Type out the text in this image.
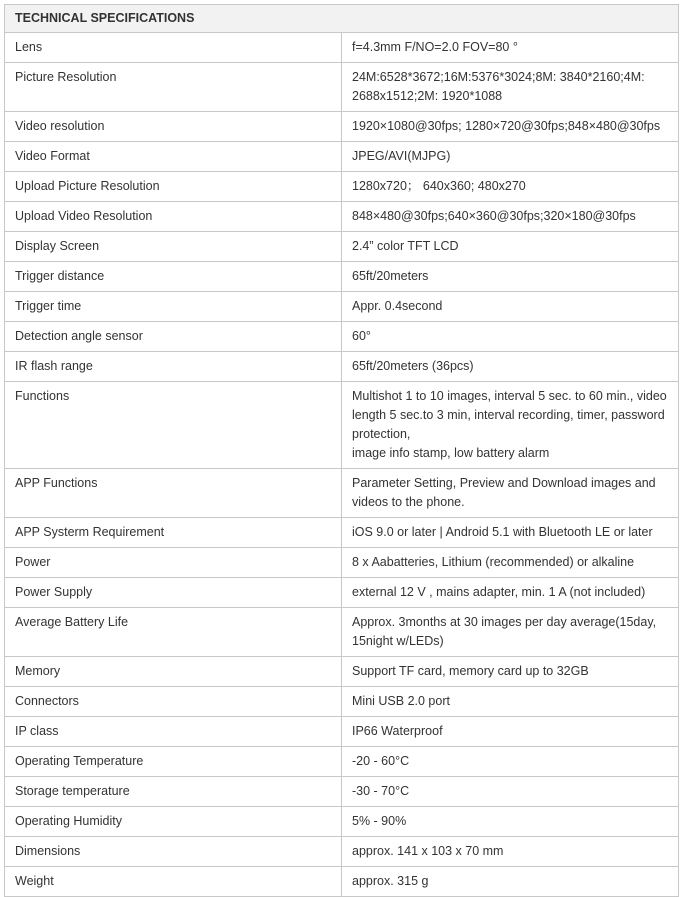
TECHNICAL SPECIFICATIONS	
Lens	f=4.3mm F/NO=2.0 FOV=80 °

Picture Resolution	24M:6528*3672;16M:5376*3024;8M: 3840*2160;4M: 2688x1512;2M: 1920*1088

Video resolution	1920×1080@30fps; 1280×720@30fps;848×480@30fps

Video Format	JPEG/AVI(MJPG)

Upload Picture Resolution	1280x720； 640x360; 480x270

Upload Video Resolution	848×480@30fps;640×360@30fps;320×180@30fps

Display Screen	2.4” color TFT LCD

Trigger distance	65ft/20meters

Trigger time	Appr. 0.4second

Detection angle sensor	60°

IR flash range	65ft/20meters (36pcs)

Functions	Multishot 1 to 10 images, interval 5 sec. to 60 min., video length 5 sec.to 3 min, interval recording, timer, password protection,
image info stamp, low battery alarm

APP Functions	Parameter Setting, Preview and Download images and videos to the phone.

APP Systerm Requirement	iOS 9.0 or later | Android 5.1 with Bluetooth LE or later

Power	8 x Aabatteries, Lithium (recommended) or alkaline

Power Supply	external 12 V , mains adapter, min. 1 A (not included)

Average Battery Life	Approx. 3months at 30 images per day average(15day, 15night w/LEDs)

Memory	Support TF card, memory card up to 32GB

Connectors	Mini USB 2.0 port

IP class	IP66 Waterproof

Operating Temperature	-20 - 60°C

Storage temperature	-30 - 70°C

Operating Humidity	5% - 90%

Dimensions	approx. 141 x 103 x 70 mm

Weight	approx. 315 g
